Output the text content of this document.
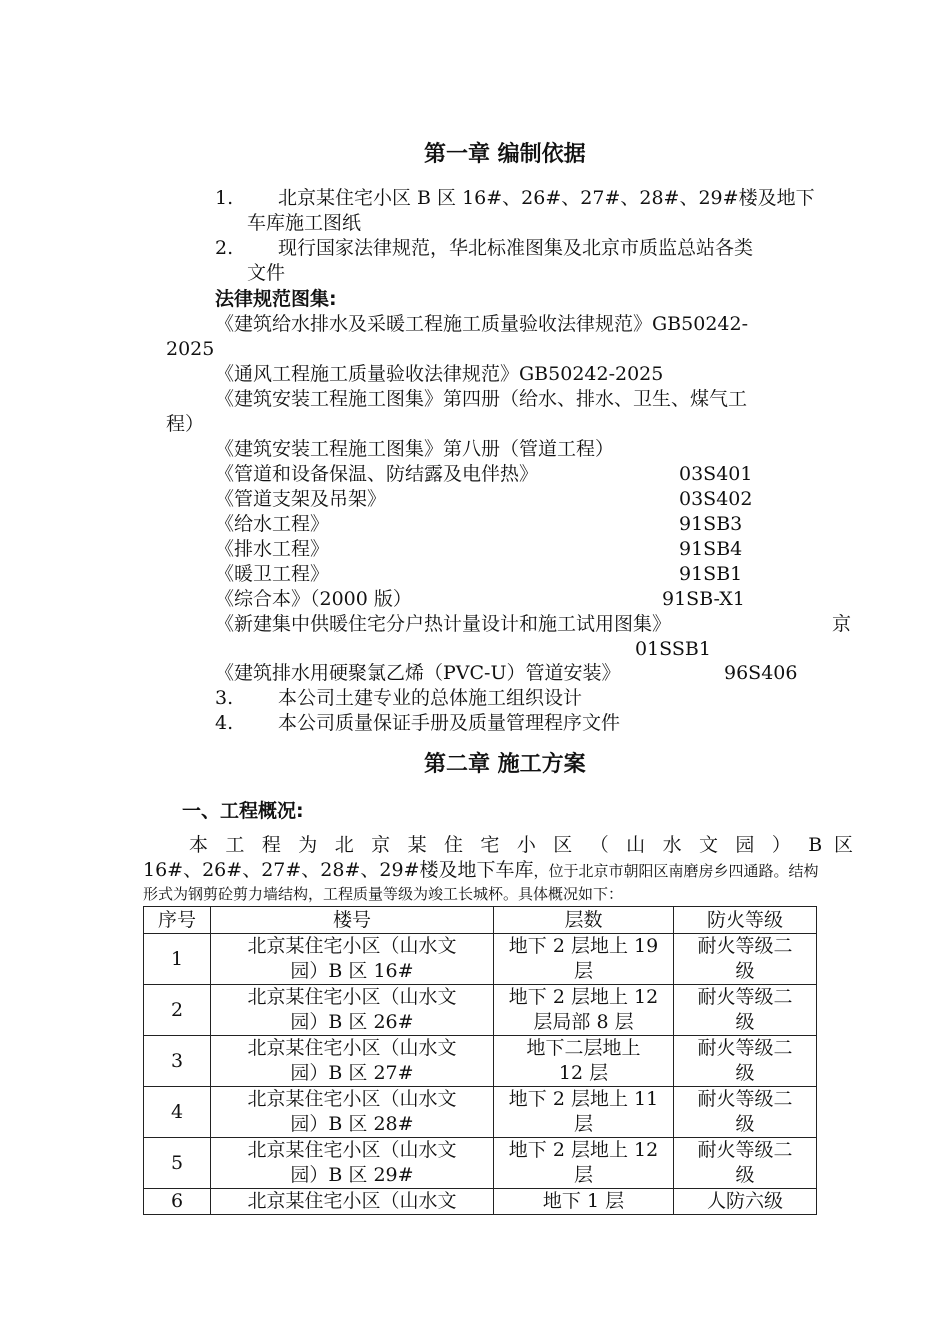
第一章 编制依据
1. 北京某住宅小区 B 区 16#、26#、27#、28#、29#楼及地下
车库施工图纸
2. 现行国家法律规范，华北标准图集及北京市质监总站各类
文件
法律规范图集:
《建筑给水排水及采暖工程施工质量验收法律规范》GB50242-
2025
《通风工程施工质量验收法律规范》GB50242-2025
《建筑安装工程施工图集》第四册（给水、排水、卫生、煤气工
程）
《建筑安装工程施工图集》第八册（管道工程）
《管道和设备保温、防结露及电伴热》	03S401
《管道支架及吊架》	03S402
《给水工程》	91SB3
《排水工程》	91SB4
《暖卫工程》	91SB1
《综合本》（2000 版）	91SB-X1
《新建集中供暖住宅分户热计量设计和施工试用图集》	京
01SSB1
《建筑排水用硬聚氯乙烯（PVC-U）管道安装》	96S406
3. 本公司土建专业的总体施工组织设计
4. 本公司质量保证手册及质量管理程序文件
第二章 施工方案
一、工程概况:
本 工 程 为 北 京 某 住 宅 小 区 （ 山 水 文 园 ） B 区
16#、26#、27#、28#、29#楼及地下车库，位于北京市朝阳区南磨房乡四通路。结构
形式为钢剪砼剪力墙结构，工程质量等级为竣工长城杯。具体概况如下：
序号	楼号	层数	防火等级
1	北京某住宅小区（山水文
园）B 区 16#	地下 2 层地上 19
层	耐火等级二
级
2	北京某住宅小区（山水文
园）B 区 26#	地下 2 层地上 12
层局部 8 层	耐火等级二
级
3	北京某住宅小区（山水文
园）B 区 27#	地下二层地上
12 层	耐火等级二
级
4	北京某住宅小区（山水文
园）B 区 28#	地下 2 层地上 11
层	耐火等级二
级
5	北京某住宅小区（山水文
园）B 区 29#	地下 2 层地上 12
层	耐火等级二
级
6	北京某住宅小区（山水文	地下 1 层	人防六级
